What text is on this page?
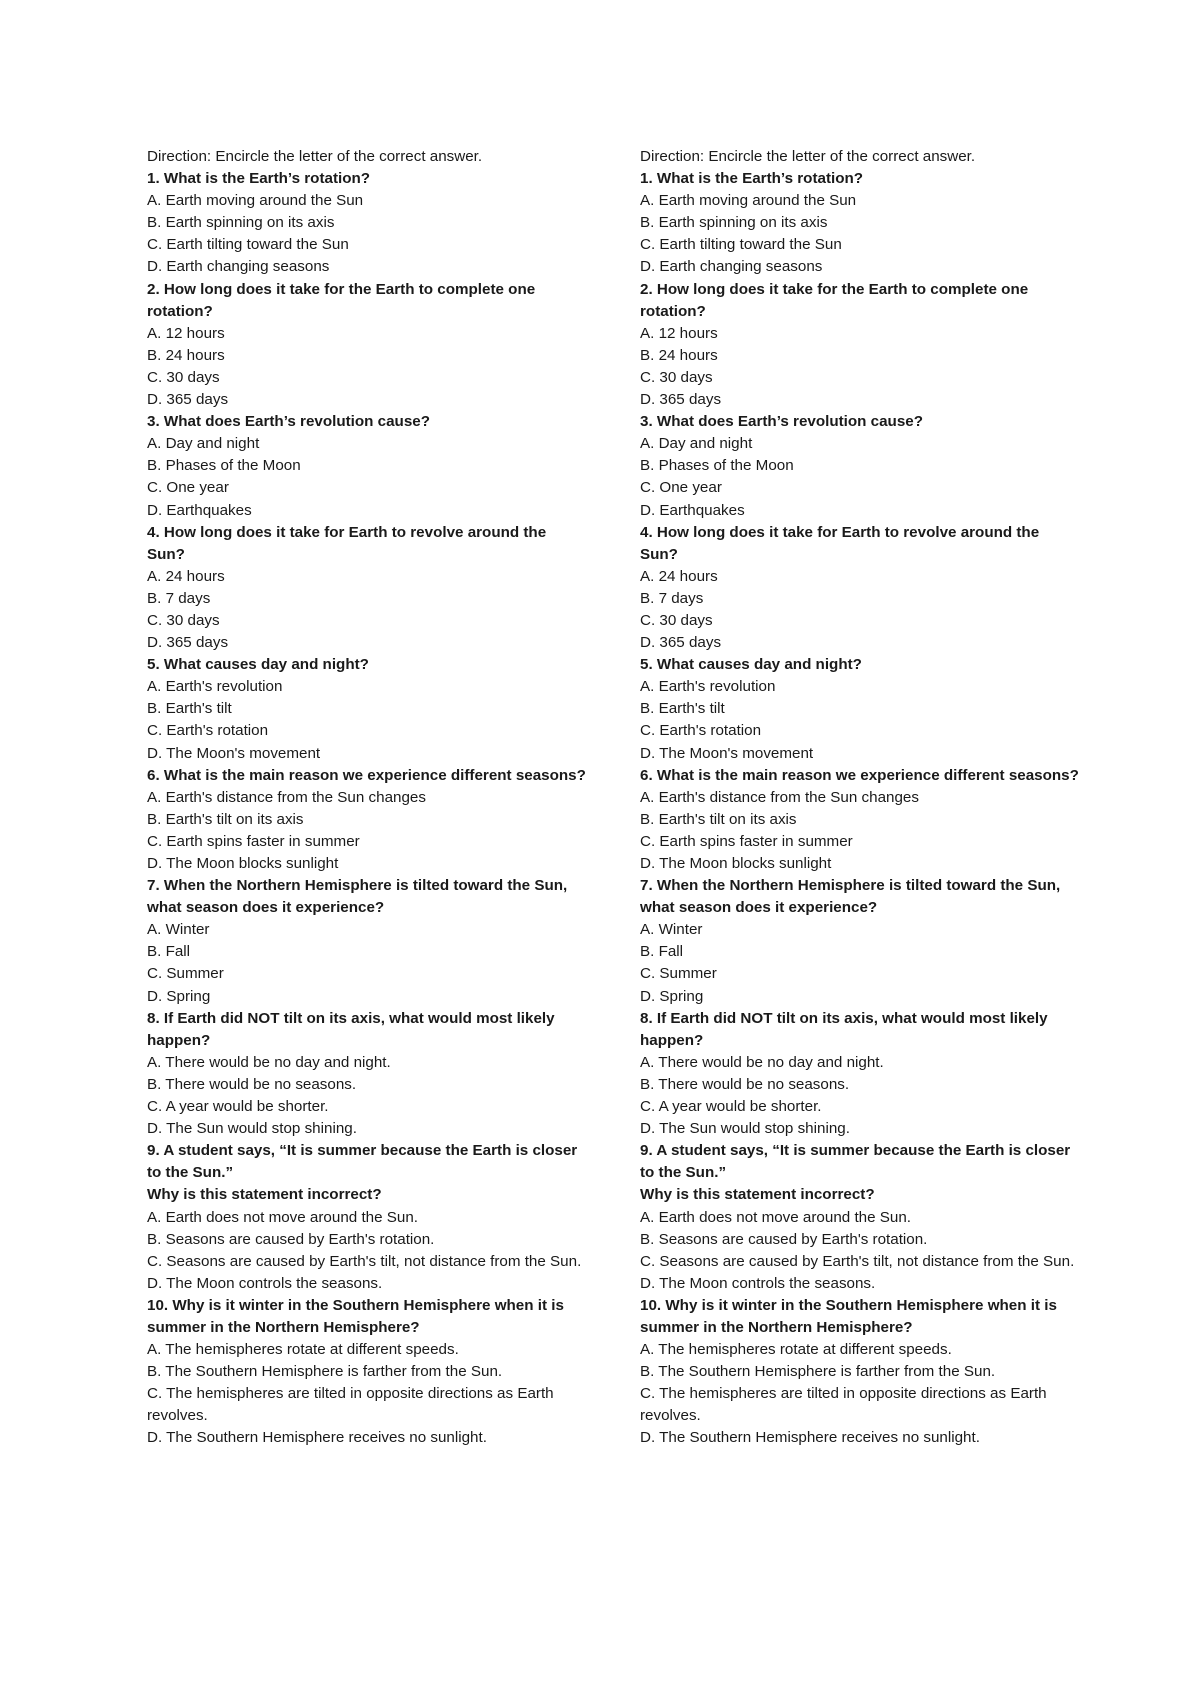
Direction: Encircle the letter of the correct answer.

1. What is the Earth’s rotation?

A. Earth moving around the Sun

B. Earth spinning on its axis

C. Earth tilting toward the Sun

D. Earth changing seasons

2. How long does it take for the Earth to complete one rotation?

A. 12 hours

B. 24 hours

C. 30 days

D. 365 days

3. What does Earth’s revolution cause?

A. Day and night

B. Phases of the Moon

C. One year

D. Earthquakes

4. How long does it take for Earth to revolve around the Sun?

A. 24 hours

B. 7 days

C. 30 days

D. 365 days

5. What causes day and night?

A. Earth's revolution

B. Earth's tilt

C. Earth's rotation

D. The Moon's movement

6. What is the main reason we experience different seasons?

A. Earth's distance from the Sun changes

B. Earth's tilt on its axis

C. Earth spins faster in summer

D. The Moon blocks sunlight

7. When the Northern Hemisphere is tilted toward the Sun, what season does it experience?

A. Winter

B. Fall

C. Summer

D. Spring

8. If Earth did NOT tilt on its axis, what would most likely happen?

A. There would be no day and night.

B. There would be no seasons.

C. A year would be shorter.

D. The Sun would stop shining.

9. A student says, “It is summer because the Earth is closer to the Sun.”

Why is this statement incorrect?

A. Earth does not move around the Sun.

B. Seasons are caused by Earth's rotation.

C. Seasons are caused by Earth's tilt, not distance from the Sun.

D. The Moon controls the seasons.

10. Why is it winter in the Southern Hemisphere when it is summer in the Northern Hemisphere?

A. The hemispheres rotate at different speeds.

B. The Southern Hemisphere is farther from the Sun.

C. The hemispheres are tilted in opposite directions as Earth revolves.

D. The Southern Hemisphere receives no sunlight.

Direction: Encircle the letter of the correct answer.

1. What is the Earth’s rotation?

A. Earth moving around the Sun

B. Earth spinning on its axis

C. Earth tilting toward the Sun

D. Earth changing seasons

2. How long does it take for the Earth to complete one rotation?

A. 12 hours

B. 24 hours

C. 30 days

D. 365 days

3. What does Earth’s revolution cause?

A. Day and night

B. Phases of the Moon

C. One year

D. Earthquakes

4. How long does it take for Earth to revolve around the Sun?

A. 24 hours

B. 7 days

C. 30 days

D. 365 days

5. What causes day and night?

A. Earth's revolution

B. Earth's tilt

C. Earth's rotation

D. The Moon's movement

6. What is the main reason we experience different seasons?

A. Earth's distance from the Sun changes

B. Earth's tilt on its axis

C. Earth spins faster in summer

D. The Moon blocks sunlight

7. When the Northern Hemisphere is tilted toward the Sun, what season does it experience?

A. Winter

B. Fall

C. Summer

D. Spring

8. If Earth did NOT tilt on its axis, what would most likely happen?

A. There would be no day and night.

B. There would be no seasons.

C. A year would be shorter.

D. The Sun would stop shining.

9. A student says, “It is summer because the Earth is closer to the Sun.”

Why is this statement incorrect?

A. Earth does not move around the Sun.

B. Seasons are caused by Earth's rotation.

C. Seasons are caused by Earth's tilt, not distance from the Sun.

D. The Moon controls the seasons.

10. Why is it winter in the Southern Hemisphere when it is summer in the Northern Hemisphere?

A. The hemispheres rotate at different speeds.

B. The Southern Hemisphere is farther from the Sun.

C. The hemispheres are tilted in opposite directions as Earth revolves.

D. The Southern Hemisphere receives no sunlight.
